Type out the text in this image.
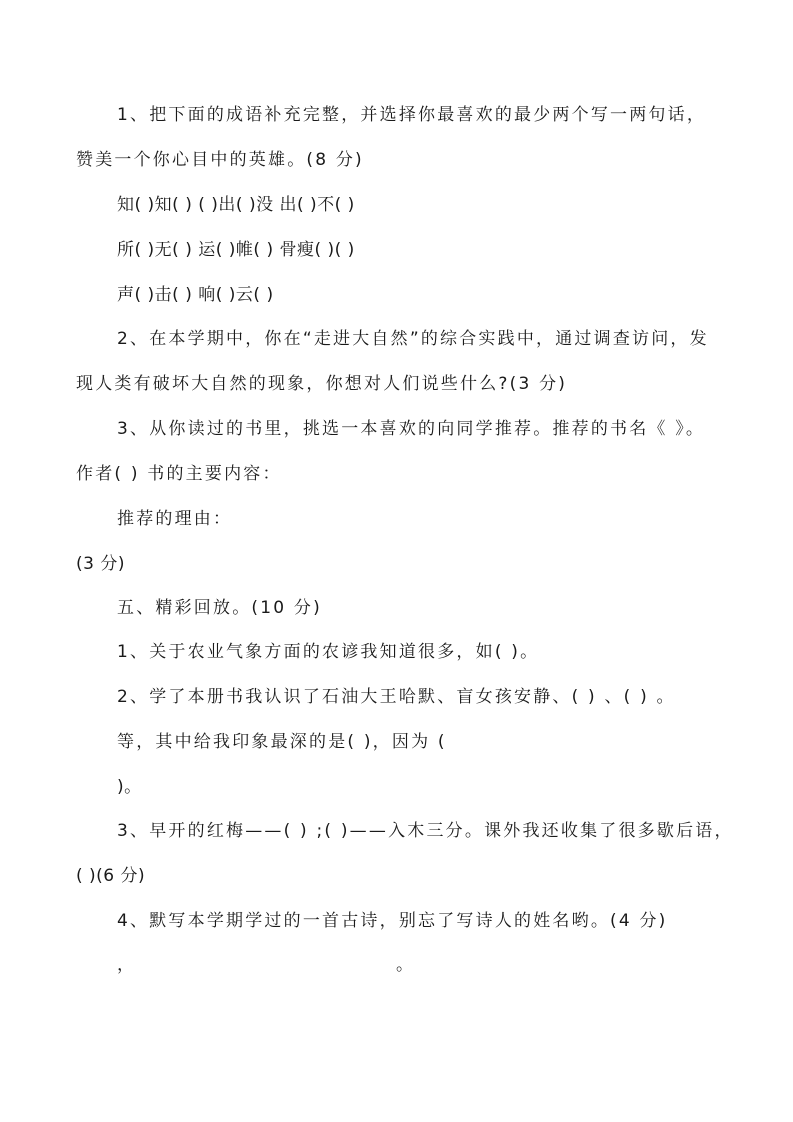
1、把下面的成语补充完整，并选择你最喜欢的最少两个写一两句话，
赞美一个你心目中的英雄。(8 分)
知( )知( ) ( )出( )没 出( )不( )
所( )无( ) 运( )帷( ) 骨瘦( )( )
声( )击( ) 响( )云( )
2、在本学期中，你在“走进大自然”的综合实践中，通过调查访问，发
现人类有破坏大自然的现象，你想对人们说些什么?(3 分)
3、从你读过的书里，挑选一本喜欢的向同学推荐。推荐的书名《 》。
作者( ) 书的主要内容：
推荐的理由：
(3 分)
五、精彩回放。(10 分)
1、关于农业气象方面的农谚我知道很多，如( )。
2、学了本册书我认识了石油大王哈默、盲女孩安静、( ) 、( ) 。
等，其中给我印象最深的是( )，因为 (
)。
3、早开的红梅——( ) ;( )——入木三分。课外我还收集了很多歇后语，
( )(6 分)
4、默写本学期学过的一首古诗，别忘了写诗人的姓名哟。(4 分)
，	。
